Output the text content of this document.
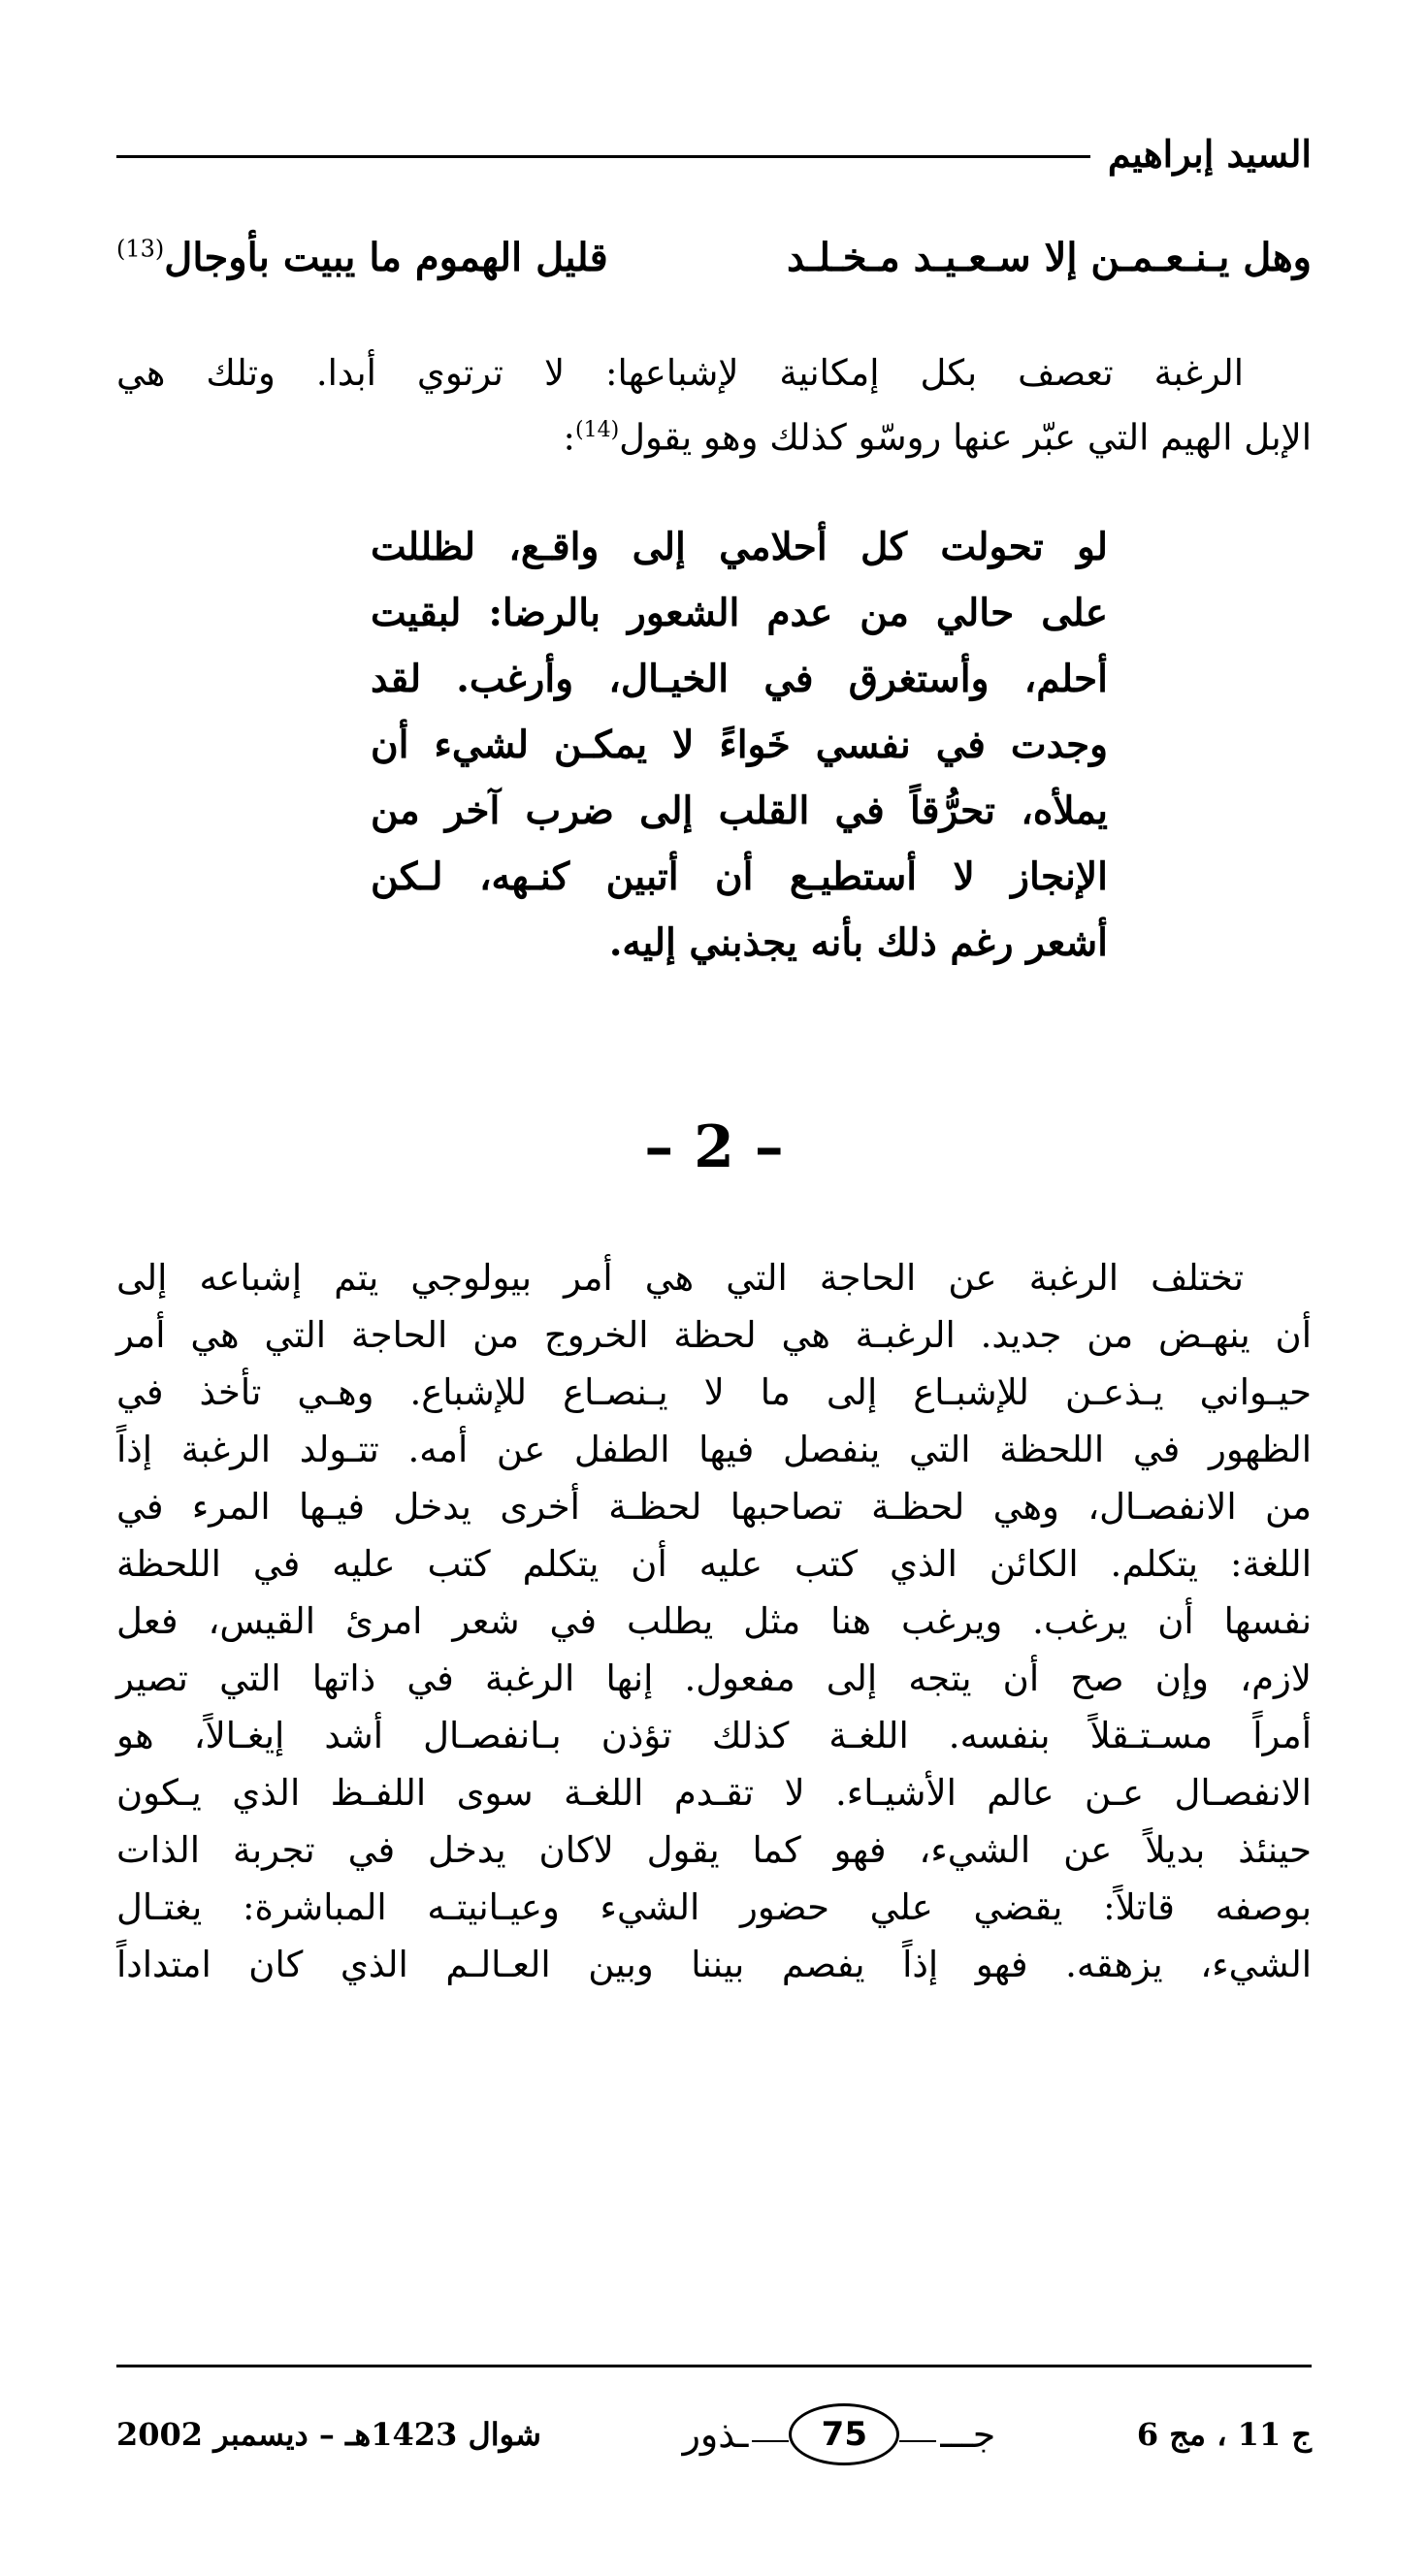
السيد إبراهيم
وهل يـنـعـمـن إلا سـعـيـد مـخـلـد
قليل الهموم ما يبيت بأوجال$^{(13)}$
الرغبة تعصف بكل إمكانية لإشباعها: لا ترتوي أبدا. وتلك هي
الإبل الهيم التي عبّر عنها روسّو كذلك وهو يقول$^{(14)}$:
لو تحولت كل أحلامي إلى واقـع، لظللت
على حالي من عدم الشعور بالرضا: لبقيت
أحلم، وأستغرق في الخيـال، وأرغب. لقد
وجدت في نفسي خَواءً لا يمكـن لشيء أن
يملأه، تحرُّقاً في القلب إلى ضرب آخر من
الإنجاز لا أستطيـع أن أتبين كنـهه، لـكن
أشعر رغم ذلك بأنه يجذبني إليه.
– 2 –
تختلف الرغبة عن الحاجة التي هي أمر بيولوجي يتم إشباعه إلى
أن ينهـض من جديد. الرغبـة هي لحظة الخروج من الحاجة التي هي أمر
حيـواني يـذعـن للإشبـاع إلى ما لا يـنصـاع للإشباع. وهـي تأخذ في
الظهور في اللحظة التي ينفصل فيها الطفل عن أمه. تتـولد الرغبة إذاً
من الانفصـال، وهي لحظـة تصاحبها لحظـة أخرى يدخل فيـها المرء في
اللغة: يتكلم. الكائن الذي كتب عليه أن يتكلم كتب عليه في اللحظة
نفسها أن يرغب. ويرغب هنا مثل يطلب في شعر امرئ القيس، فعل
لازم، وإن صح أن يتجه إلى مفعول. إنها الرغبة في ذاتها التي تصير
أمراً مسـتـقلاً بنفسه. اللغـة كذلك تؤذن بـانفصـال أشد إيغـالاً، هو
الانفصـال عـن عالم الأشيـاء. لا تقـدم اللغـة سوى اللفـظ الذي يـكون
حينئذ بديلاً عن الشيء، فهو كما يقول لاكان يدخل في تجربة الذات
بوصفه قاتلاً: يقضي علي حضور الشيء وعيـانيتـه المباشرة: يغتـال
الشيء، يزهقه. فهو إذاً يفصم بيننا وبين العـالـم الذي كان امتداداً
ج 11 ، مج 6
جـــ
75
ـذور
شوال 1423هـ – ديسمبر 2002
